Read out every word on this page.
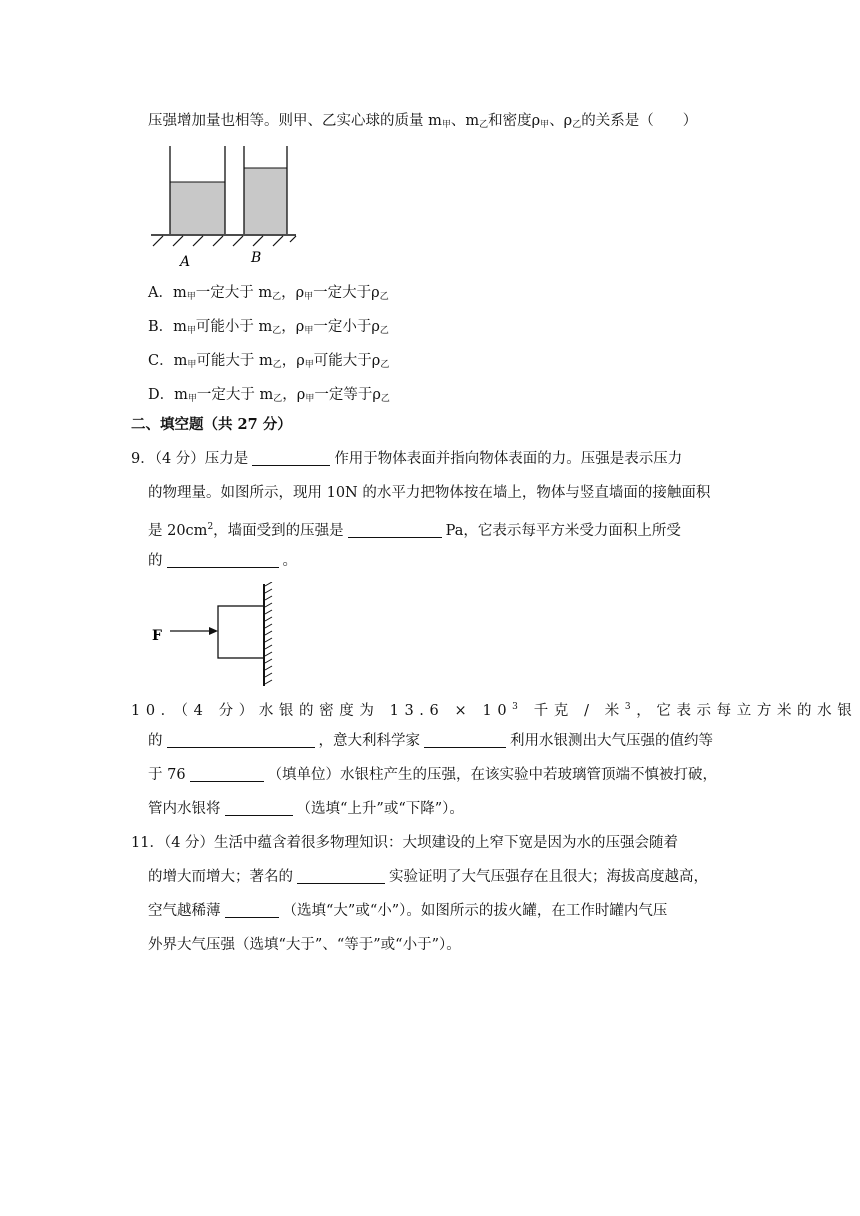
压强增加量也相等。则甲、乙实心球的质量 $m_甲$、$m_乙$和密度$\rho_甲$、$\rho_乙$的关系是（　　）
A	B
A．$m_甲$一定大于 $m_乙$，$\rho_甲$一定大于$\rho_乙$
B．$m_甲$可能小于 $m_乙$，$\rho_甲$一定小于$\rho_乙$
C．$m_甲$可能大于 $m_乙$，$\rho_甲$可能大于$\rho_乙$
D．$m_甲$一定大于 $m_乙$，$\rho_甲$一定等于$\rho_乙$
二、填空题（共 27 分）
9．（4 分）压力是	作用于物体表面并指向物体表面的力。压强是表示压力
的物理量。如图所示，现用 10N 的水平力把物体按在墙上，物体与竖直墙面的接触面积
是 $20cm^2$，墙面受到的压强是	Pa，它表示每平方米受力面积上所受
的	。
F
10．（4 分）水银的密度为 $13.6 \times 10^3$ 千克 / 米$^3$，它表示每立方米的水银
的	，意大利科学家	利用水银测出大气压强的值约等
于 76	（填单位）水银柱产生的压强，在该实验中若玻璃管顶端不慎被打破，
管内水银将	（选填“上升”或“下降”）。
11．（4 分）生活中蕴含着很多物理知识：大坝建设的上窄下宽是因为水的压强会随着
的增大而增大；著名的	实验证明了大气压强存在且很大；海拔高度越高，
空气越稀薄	（选填“大”或“小”）。如图所示的拔火罐，在工作时罐内气压
外界大气压强（选填“大于”、“等于”或“小于”）。
